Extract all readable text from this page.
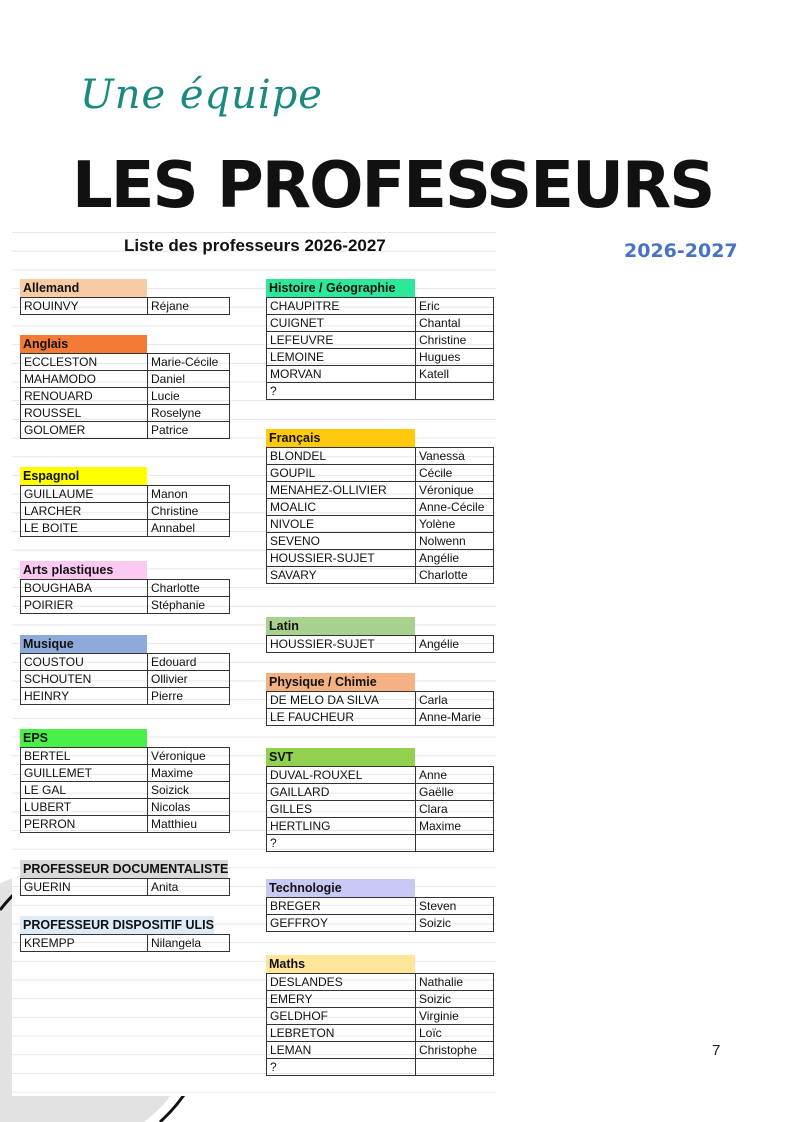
Une équipe
LES PROFESSEURS
2026-2027
Liste des professeurs 2026-2027
Allemand
ROUINVY	Réjane
Anglais
ECCLESTON	Marie-Cécile
MAHAMODO	Daniel
RENOUARD	Lucie
ROUSSEL	Roselyne
GOLOMER	Patrice
Espagnol
GUILLAUME	Manon
LARCHER	Christine
LE BOITE	Annabel
Arts plastiques
BOUGHABA	Charlotte
POIRIER	Stéphanie
Musique
COUSTOU	Edouard
SCHOUTEN	Ollivier
HEINRY	Pierre
EPS
BERTEL	Véronique
GUILLEMET	Maxime
LE GAL	Soizick
LUBERT	Nicolas
PERRON	Matthieu
PROFESSEUR DOCUMENTALISTE
GUERIN	Anita
PROFESSEUR DISPOSITIF ULIS
KREMPP	Nilangela
Histoire / Géographie
CHAUPITRE	Eric
CUIGNET	Chantal
LEFEUVRE	Christine
LEMOINE	Hugues
MORVAN	Katell
?	
Français
BLONDEL	Vanessa
GOUPIL	Cécile
MENAHEZ-OLLIVIER	Véronique
MOALIC	Anne-Cécile
NIVOLE	Yolène
SEVENO	Nolwenn
HOUSSIER-SUJET	Angélie
SAVARY	Charlotte
Latin
HOUSSIER-SUJET	Angélie
Physique / Chimie
DE MELO DA SILVA	Carla
LE FAUCHEUR	Anne-Marie
SVT
DUVAL-ROUXEL	Anne
GAILLARD	Gaëlle
GILLES	Clara
HERTLING	Maxime
?	
Technologie
BREGER	Steven
GEFFROY	Soizic
Maths
DESLANDES	Nathalie
EMERY	Soizic
GELDHOF	Virginie
LEBRETON	Loïc
LEMAN	Christophe
?	
7
